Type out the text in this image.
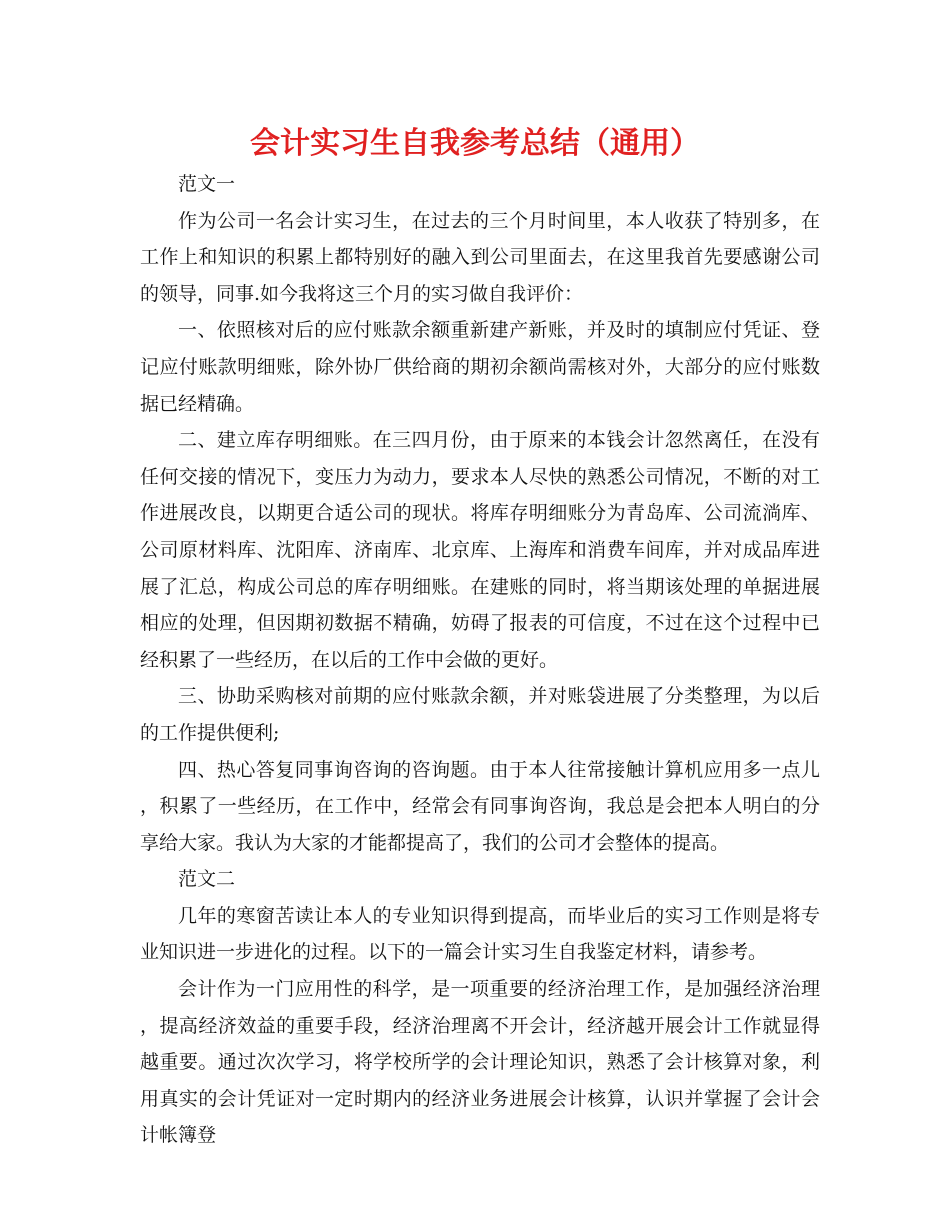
会计实习生自我参考总结（通用）

范文一

作为公司一名会计实习生，在过去的三个月时间里，本人收获了特别多，在工作上和知识的积累上都特别好的融入到公司里面去，在这里我首先要感谢公司的领导，同事.如今我将这三个月的实习做自我评价：

一、依照核对后的应付账款余额重新建产新账，并及时的填制应付凭证、登记应付账款明细账，除外协厂供给商的期初余额尚需核对外，大部分的应付账数据已经精确。

二、建立库存明细账。在三四月份，由于原来的本钱会计忽然离任，在没有任何交接的情况下，变压力为动力，要求本人尽快的熟悉公司情况，不断的对工作进展改良，以期更合适公司的现状。将库存明细账分为青岛库、公司流淌库、公司原材料库、沈阳库、济南库、北京库、上海库和消费车间库，并对成品库进展了汇总，构成公司总的库存明细账。在建账的同时，将当期该处理的单据进展相应的处理，但因期初数据不精确，妨碍了报表的可信度，不过在这个过程中已经积累了一些经历，在以后的工作中会做的更好。

三、协助采购核对前期的应付账款余额，并对账袋进展了分类整理，为以后的工作提供便利;

四、热心答复同事询咨询的咨询题。由于本人往常接触计算机应用多一点儿，积累了一些经历，在工作中，经常会有同事询咨询，我总是会把本人明白的分享给大家。我认为大家的才能都提高了，我们的公司才会整体的提高。

范文二

几年的寒窗苦读让本人的专业知识得到提高，而毕业后的实习工作则是将专业知识进一步进化的过程。以下的一篇会计实习生自我鉴定材料，请参考。

会计作为一门应用性的科学，是一项重要的经济治理工作，是加强经济治理，提高经济效益的重要手段，经济治理离不开会计，经济越开展会计工作就显得越重要。通过次次学习，将学校所学的会计理论知识，熟悉了会计核算对象，利用真实的会计凭证对一定时期内的经济业务进展会计核算，认识并掌握了会计会计帐簿登
